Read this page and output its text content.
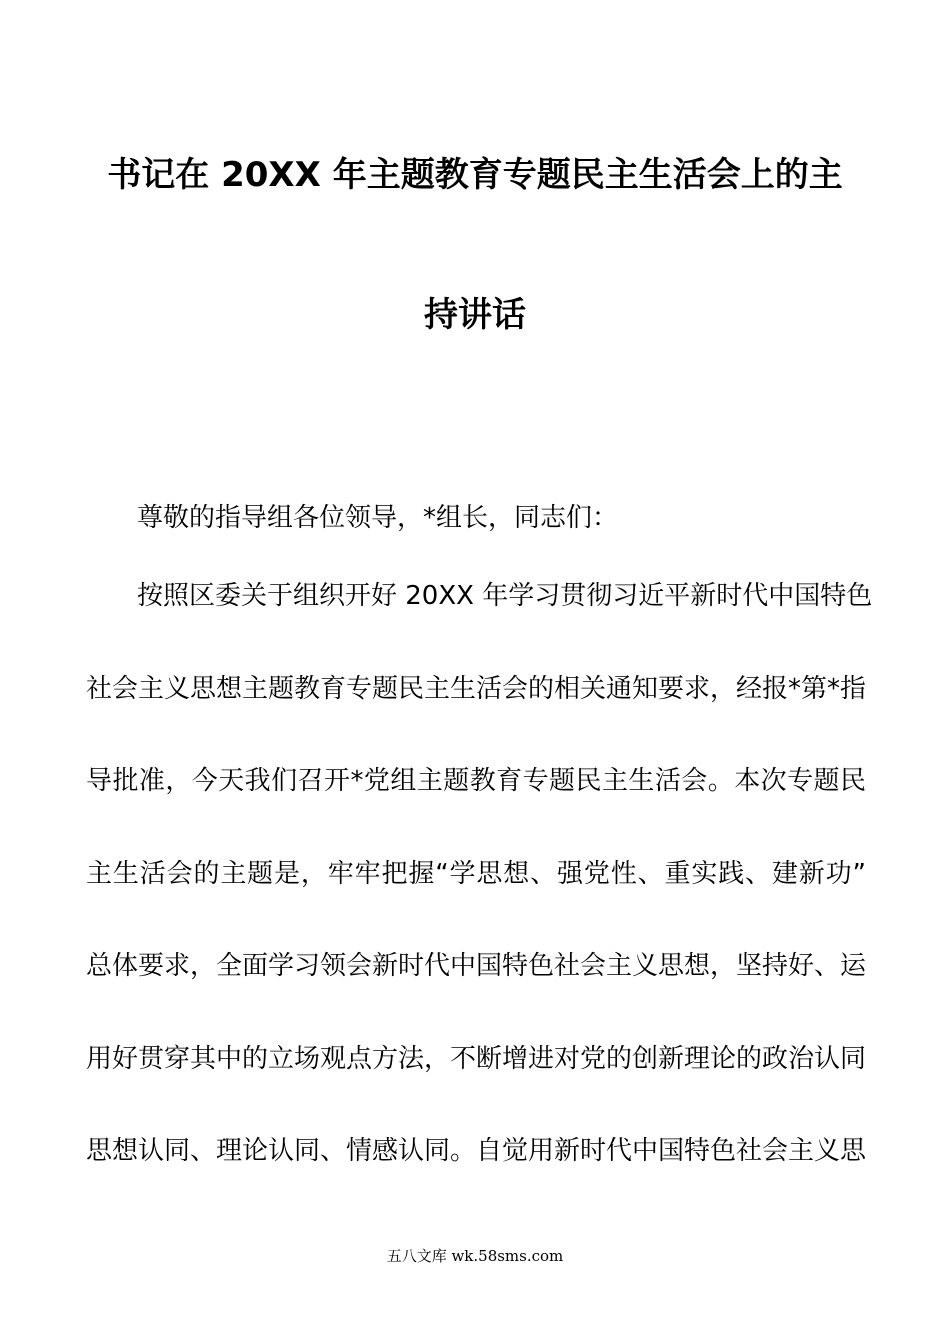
书记在 20XX 年主题教育专题民主生活会上的主
持讲话
尊敬的指导组各位领导，*组长，同志们：
按照区委关于组织开好 20XX 年学习贯彻习近平新时代中国特色
社会主义思想主题教育专题民主生活会的相关通知要求，经报*第*指
导批准，今天我们召开*党组主题教育专题民主生活会。本次专题民
主生活会的主题是，牢牢把握“学思想、强党性、重实践、建新功”
总体要求，全面学习领会新时代中国特色社会主义思想，坚持好、运
用好贯穿其中的立场观点方法，不断增进对党的创新理论的政治认同
思想认同、理论认同、情感认同。自觉用新时代中国特色社会主义思
五八文库 wk.58sms.com
